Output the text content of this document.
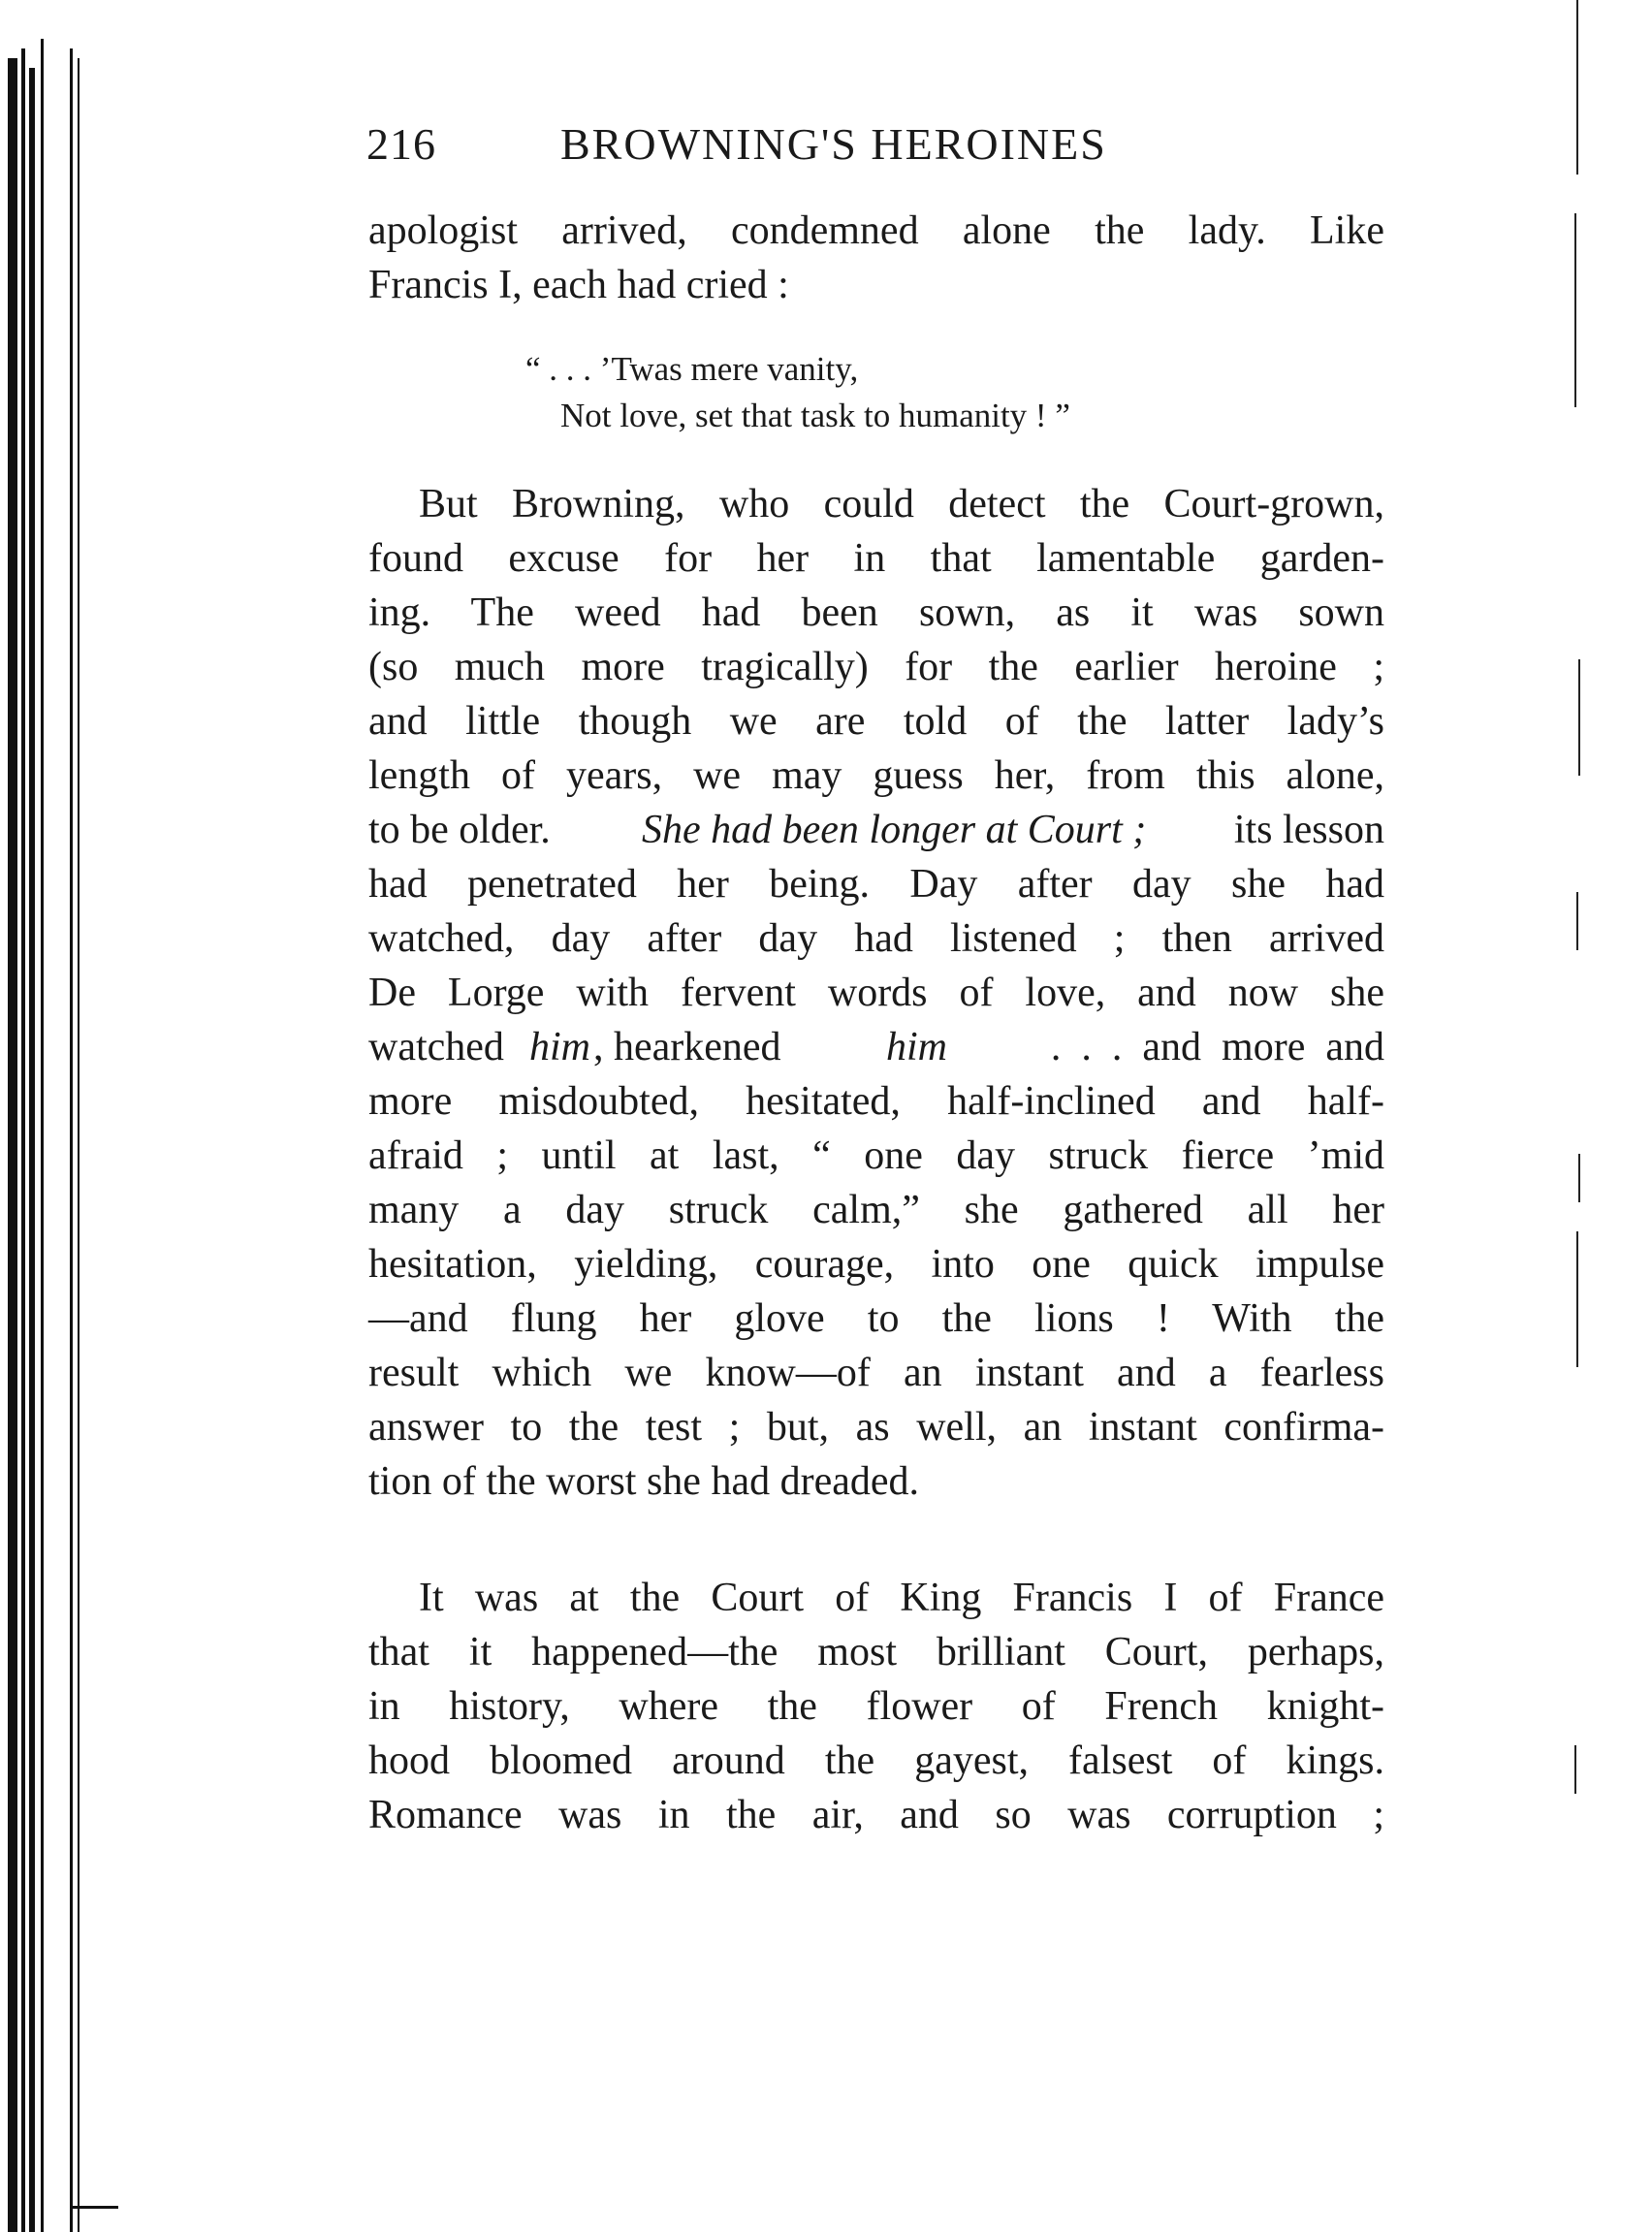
216	BROWNING'S HEROINES
apologist arrived, condemned alone the lady. Like
Francis I, each had cried :
“ . . . ’Twas mere vanity,
Not love, set that task to humanity ! ”
But Browning, who could detect the Court-grown,
found excuse for her in that lamentable garden-
ing. The weed had been sown, as it was sown
(so much more tragically) for the earlier heroine ;
and little though we are told of the latter lady’s
length of years, we may guess her, from this alone,
to be older. She had been longer at Court ; its lesson
had penetrated her being. Day after day she had
watched, day after day had listened ; then arrived
De Lorge with fervent words of love, and now she
watched him , hearkened	him .  .  .  and  more  and
more misdoubted, hesitated, half-inclined and half-
afraid ; until at last, “ one day struck fierce ’mid
many a day struck calm,” she gathered all her
hesitation, yielding, courage, into one quick impulse
—and flung her glove to the lions ! With the
result which we know—of an instant and a fearless
answer to the test ; but, as well, an instant confirma-
tion of the worst she had dreaded.
It was at the Court of King Francis I of France
that it happened—the most brilliant Court, perhaps,
in history, where the flower of French knight-
hood bloomed around the gayest, falsest of kings.
Romance was in the air, and so was corruption ;
